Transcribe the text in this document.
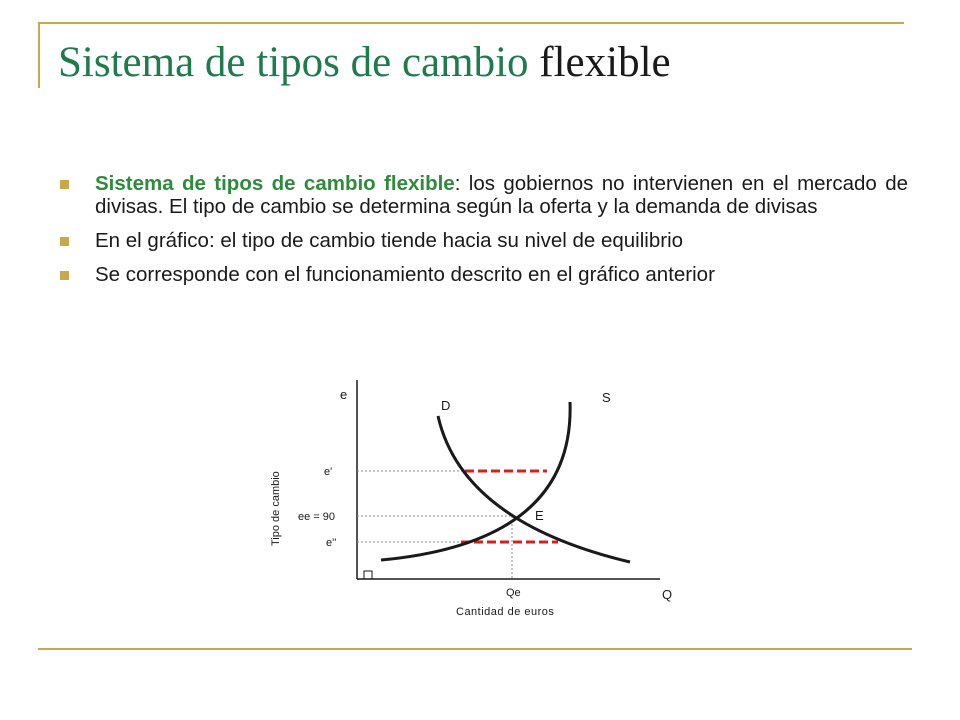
Sistema de tipos de cambio flexible
Sistema de tipos de cambio flexible: los gobiernos no intervienen en el mercado de divisas. El tipo de cambio se determina según la oferta y la demanda de divisas
En el gráfico: el tipo de cambio tiende hacia su nivel de equilibrio
Se corresponde con el funcionamiento descrito en el gráfico anterior
e
Q
D
S
E
e'
ee = 90
e''
Qe
Cantidad de euros
Tipo de cambio
